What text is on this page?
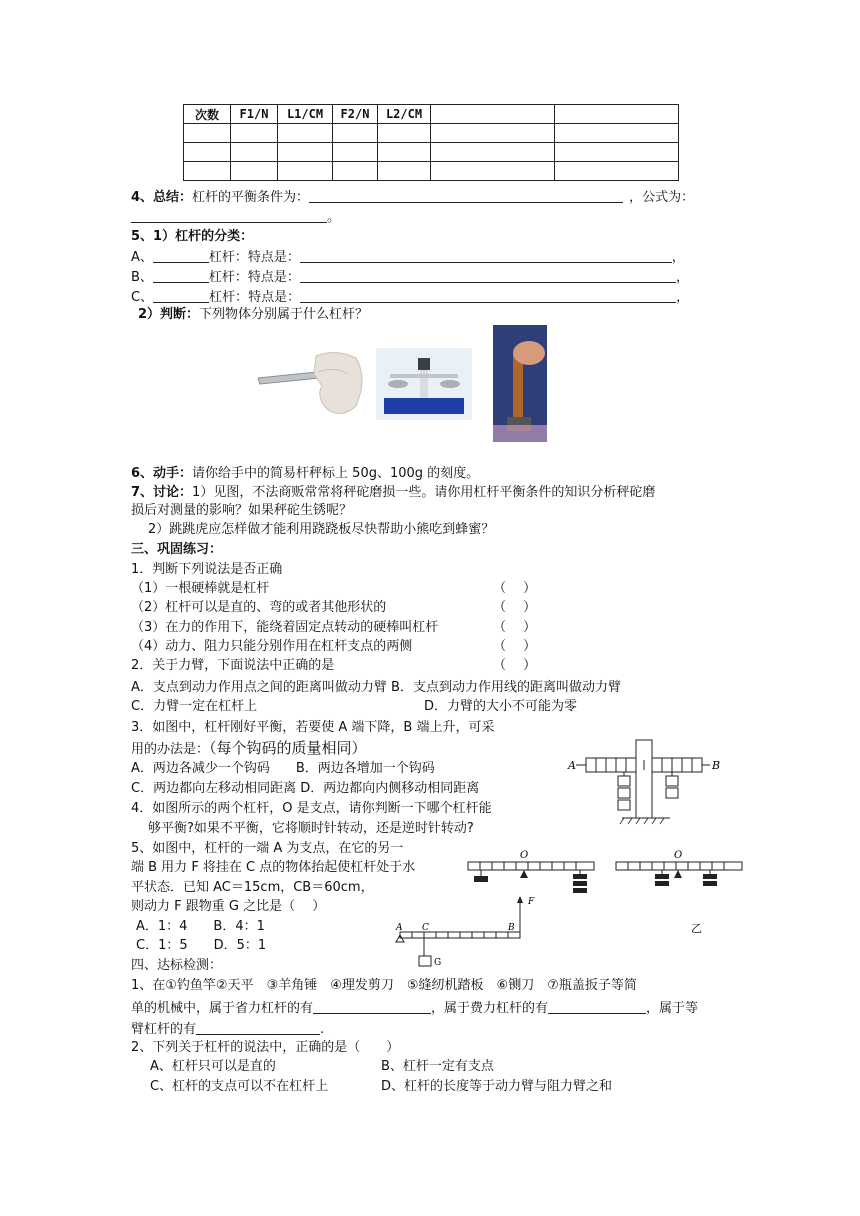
次数	F1/N	L1/CM	F2/N	L2/CM		

4、总结：杠杆的平衡条件为：	，公式为：
。
5、1）杠杆的分类：
A、	杠杆：特点是：	，
B、	杠杆：特点是：	，
C、	杠杆：特点是：	，
2）判断：下列物体分别属于什么杠杆？
6、动手：请你给手中的简易杆秤标上 50g、100g 的刻度。
7、讨论：1）见图，不法商贩常常将秤砣磨损一些。请你用杠杆平衡条件的知识分析秤砣磨
损后对测量的影响？如果秤砣生锈呢？
2）跳跳虎应怎样做才能利用跷跷板尽快帮助小熊吃到蜂蜜？
三、巩固练习：
1．判断下列说法是否正确
（1）一根硬棒就是杠杆	（　 ）
（2）杠杆可以是直的、弯的或者其他形状的	（　 ）
（3）在力的作用下，能绕着固定点转动的硬棒叫杠杆	（　 ）
（4）动力、阻力只能分别作用在杠杆支点的两侧	（　 ）
2．关于力臂，下面说法中正确的是	（　 ）
A．支点到动力作用点之间的距离叫做动力臂 B．支点到动力作用线的距离叫做动力臂
C．力臂一定在杠杆上	D．力臂的大小不可能为零
3．如图中，杠杆刚好平衡，若要使 A 端下降，B 端上升，可采
用的办法是：（每个钩码的质量相同）
A．两边各减少一个钩码　　B．两边各增加一个钩码
C．两边都向左移动相同距离 D．两边都向内侧移动相同距离
4．如图所示的两个杠杆，O 是支点，请你判断一下哪个杠杆能
够平衡?如果不平衡，它将顺时针转动，还是逆时针转动?
5、如图中，杠杆的一端 A 为支点，在它的另一
端 B 用力 F 将挂在 C 点的物体抬起使杠杆处于水
平状态．已知 AC＝15cm，CB＝60cm，
则动力 F 跟物重 G 之比是（　 ）
A．1：4　　B．4：1
C．1：5　　D．5：1
A	B
O	O
A C	B
F
G
乙
四、达标检测：
1、在①钓鱼竿②天平　③羊角锤　④理发剪刀　⑤缝纫机踏板　⑥铡刀　⑦瓶盖扳子等简
单的机械中，属于省力杠杆的有	，属于费力杠杆的有	，属于等
臂杠杆的有	.
2、下列关于杠杆的说法中，正确的是（　　）
A、杠杆只可以是直的	B、杠杆一定有支点
C、杠杆的支点可以不在杠杆上	D、杠杆的长度等于动力臂与阻力臂之和
